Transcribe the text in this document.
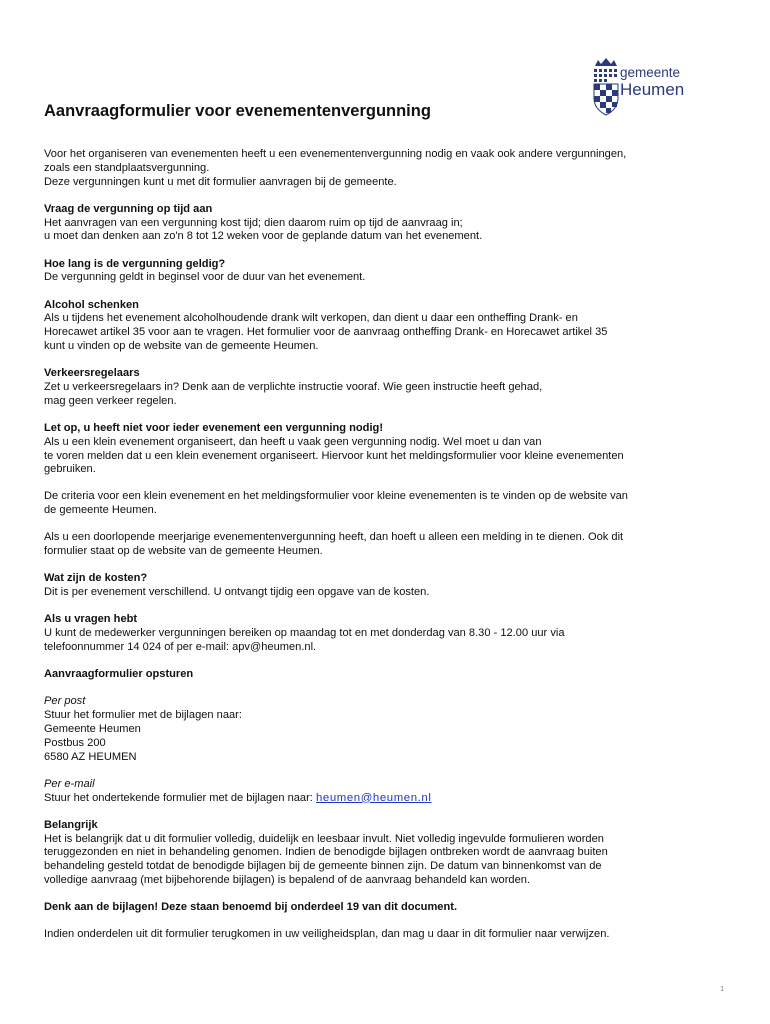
gemeente
Heumen
Aanvraagformulier voor evenementenvergunning

Voor het organiseren van evenementen heeft u een evenementenvergunning nodig en vaak ook andere vergunningen,
zoals een standplaatsvergunning.
Deze vergunningen kunt u met dit formulier aanvragen bij de gemeente.

Vraag de vergunning op tijd aan

Het aanvragen van een vergunning kost tijd; dien daarom ruim op tijd de aanvraag in;
u moet dan denken aan zo'n 8 tot 12 weken voor de geplande datum van het evenement.

Hoe lang is de vergunning geldig?

De vergunning geldt in beginsel voor de duur van het evenement.

Alcohol schenken

Als u tijdens het evenement alcoholhoudende drank wilt verkopen, dan dient u daar een ontheffing Drank- en
Horecawet artikel 35 voor aan te vragen. Het formulier voor de aanvraag ontheffing Drank- en Horecawet artikel 35
kunt u vinden op de website van de gemeente Heumen.

Verkeersregelaars

Zet u verkeersregelaars in? Denk aan de verplichte instructie vooraf. Wie geen instructie heeft gehad,
mag geen verkeer regelen.

Let op, u heeft niet voor ieder evenement een vergunning nodig!

Als u een klein evenement organiseert, dan heeft u vaak geen vergunning nodig. Wel moet u dan van
te voren melden dat u een klein evenement organiseert. Hiervoor kunt het meldingsformulier voor kleine evenementen
gebruiken.

De criteria voor een klein evenement en het meldingsformulier voor kleine evenementen is te vinden op de website van
de gemeente Heumen.

Als u een doorlopende meerjarige evenementenvergunning heeft, dan hoeft u alleen een melding in te dienen. Ook dit
formulier staat op de website van de gemeente Heumen.

Wat zijn de kosten?

Dit is per evenement verschillend. U ontvangt tijdig een opgave van de kosten.

Als u vragen hebt

U kunt de medewerker vergunningen bereiken op maandag tot en met donderdag van 8.30 - 12.00 uur via
telefoonnummer 14 024 of per e-mail: apv@heumen.nl.

Aanvraagformulier opsturen

Per post

Stuur het formulier met de bijlagen naar:
Gemeente Heumen
Postbus 200
6580 AZ HEUMEN

Per e-mail

Stuur het ondertekende formulier met de bijlagen naar: heumen@heumen.nl

Belangrijk

Het is belangrijk dat u dit formulier volledig, duidelijk en leesbaar invult. Niet volledig ingevulde formulieren worden
teruggezonden en niet in behandeling genomen. Indien de benodigde bijlagen ontbreken wordt de aanvraag buiten
behandeling gesteld totdat de benodigde bijlagen bij de gemeente binnen zijn. De datum van binnenkomst van de
volledige aanvraag (met bijbehorende bijlagen) is bepalend of de aanvraag behandeld kan worden.

Denk aan de bijlagen! Deze staan benoemd bij onderdeel 19 van dit document.

Indien onderdelen uit dit formulier terugkomen in uw veiligheidsplan, dan mag u daar in dit formulier naar verwijzen.

1
